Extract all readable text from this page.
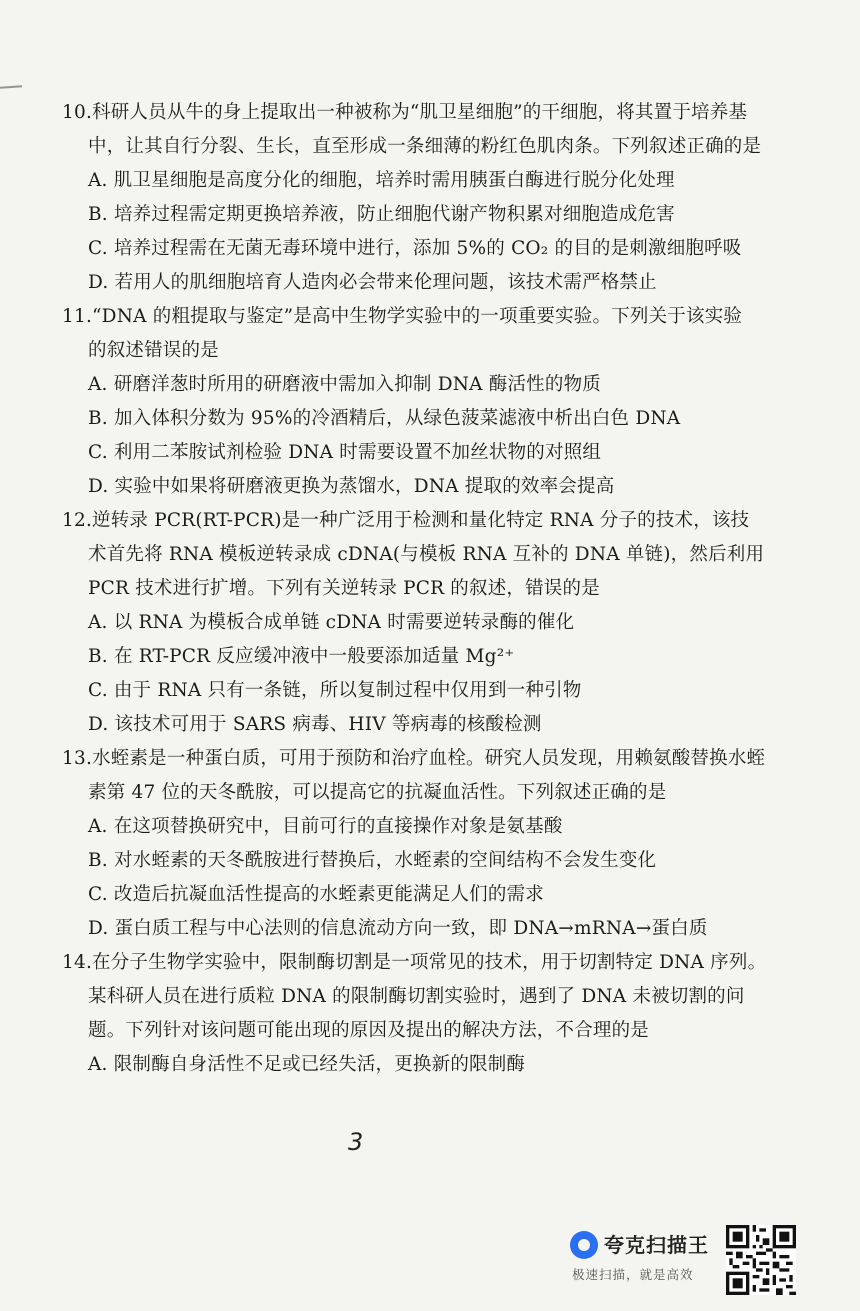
10.科研人员从牛的身上提取出一种被称为“肌卫星细胞”的干细胞，将其置于培养基
中，让其自行分裂、生长，直至形成一条细薄的粉红色肌肉条。下列叙述正确的是
A. 肌卫星细胞是高度分化的细胞，培养时需用胰蛋白酶进行脱分化处理
B. 培养过程需定期更换培养液，防止细胞代谢产物积累对细胞造成危害
C. 培养过程需在无菌无毒环境中进行，添加 5%的 CO₂ 的目的是刺激细胞呼吸
D. 若用人的肌细胞培育人造肉必会带来伦理问题，该技术需严格禁止
11.“DNA 的粗提取与鉴定”是高中生物学实验中的一项重要实验。下列关于该实验
的叙述错误的是
A. 研磨洋葱时所用的研磨液中需加入抑制 DNA 酶活性的物质
B. 加入体积分数为 95%的冷酒精后，从绿色菠菜滤液中析出白色 DNA
C. 利用二苯胺试剂检验 DNA 时需要设置不加丝状物的对照组
D. 实验中如果将研磨液更换为蒸馏水，DNA 提取的效率会提高
12.逆转录 PCR(RT-PCR)是一种广泛用于检测和量化特定 RNA 分子的技术，该技
术首先将 RNA 模板逆转录成 cDNA(与模板 RNA 互补的 DNA 单链)，然后利用
PCR 技术进行扩增。下列有关逆转录 PCR 的叙述，错误的是
A. 以 RNA 为模板合成单链 cDNA 时需要逆转录酶的催化
B. 在 RT-PCR 反应缓冲液中一般要添加适量 Mg²⁺
C. 由于 RNA 只有一条链，所以复制过程中仅用到一种引物
D. 该技术可用于 SARS 病毒、HIV 等病毒的核酸检测
13.水蛭素是一种蛋白质，可用于预防和治疗血栓。研究人员发现，用赖氨酸替换水蛭
素第 47 位的天冬酰胺，可以提高它的抗凝血活性。下列叙述正确的是
A. 在这项替换研究中，目前可行的直接操作对象是氨基酸
B. 对水蛭素的天冬酰胺进行替换后，水蛭素的空间结构不会发生变化
C. 改造后抗凝血活性提高的水蛭素更能满足人们的需求
D. 蛋白质工程与中心法则的信息流动方向一致，即 DNA→mRNA→蛋白质
14.在分子生物学实验中，限制酶切割是一项常见的技术，用于切割特定 DNA 序列。
某科研人员在进行质粒 DNA 的限制酶切割实验时，遇到了 DNA 未被切割的问
题。下列针对该问题可能出现的原因及提出的解决方法，不合理的是
A. 限制酶自身活性不足或已经失活，更换新的限制酶
3
夸克扫描王
极速扫描，就是高效
